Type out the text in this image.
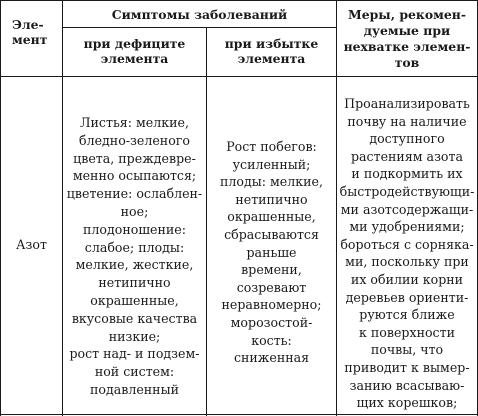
Эле-
мент
Симптомы заболеваний
при дефиците
элемента
при избытке
элемента
Меры, рекомен-
дуемые при
нехватке элемен-
тов
Азот
Листья: мелкие,
бледно-зеленого
цвета, преждевре-
менно осыпаются;
цветение: ослаблен-
ное;
плодоношение:
слабое; плоды:
мелкие, жесткие,
нетипично
окрашенные,
вкусовые качества
низкие;
рост над- и подзем-
ной систем:
подавленный
Рост побегов:
усиленный;
плоды: мелкие,
нетипично
окрашенные,
сбрасываются
раньше
времени,
созревают
неравномерно;
морозостой-
кость:
сниженная
Проанализировать
почву на наличие
доступного
растениям азота
и подкормить их
быстродействующи-
ми азотсодержащи-
ми удобрениями;
бороться с сорняка-
ми, поскольку при
их обилии корни
деревьев ориенти-
руются ближе
к поверхности
почвы, что
приводит к вымер-
занию всасываю-
щих корешков;
